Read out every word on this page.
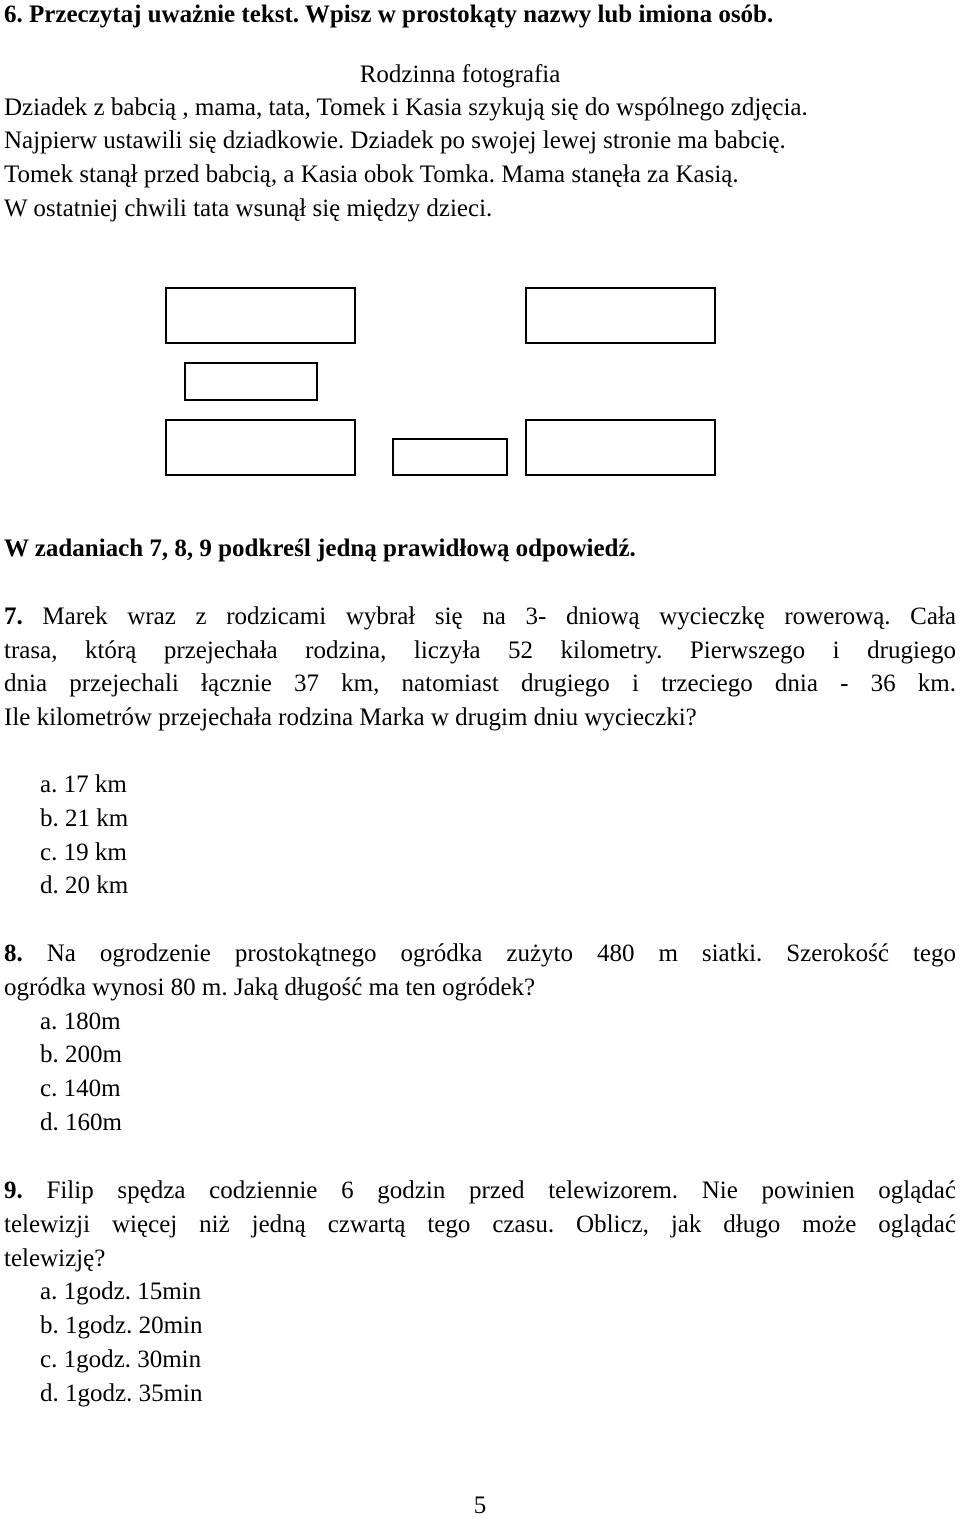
6. Przeczytaj uważnie tekst. Wpisz w prostokąty nazwy lub imiona osób.
Rodzinna fotografia
Dziadek z babcią , mama, tata, Tomek i Kasia szykują się do wspólnego zdjęcia.
Najpierw ustawili się dziadkowie. Dziadek po swojej lewej stronie ma babcię.
Tomek stanął przed babcią, a Kasia obok Tomka. Mama stanęła za Kasią.
W ostatniej chwili tata wsunął się między dzieci.
W zadaniach 7, 8, 9 podkreśl jedną prawidłową odpowiedź.
7. Marek wraz z rodzicami wybrał się na 3- dniową wycieczkę rowerową. Cała
trasa, którą przejechała rodzina, liczyła 52 kilometry. Pierwszego i drugiego
dnia przejechali łącznie 37 km, natomiast drugiego i trzeciego dnia - 36 km.
Ile kilometrów przejechała rodzina Marka w drugim dniu wycieczki?
a. 17 km
b. 21 km
c. 19 km
d. 20 km
8. Na ogrodzenie prostokątnego ogródka zużyto 480 m siatki. Szerokość tego
ogródka wynosi 80 m. Jaką długość ma ten ogródek?
a. 180m
b. 200m
c. 140m
d. 160m
9. Filip spędza codziennie 6 godzin przed telewizorem. Nie powinien oglądać
telewizji więcej niż jedną czwartą tego czasu. Oblicz, jak długo może oglądać
telewizję?
a. 1godz. 15min
b. 1godz. 20min
c. 1godz. 30min
d. 1godz. 35min
5
